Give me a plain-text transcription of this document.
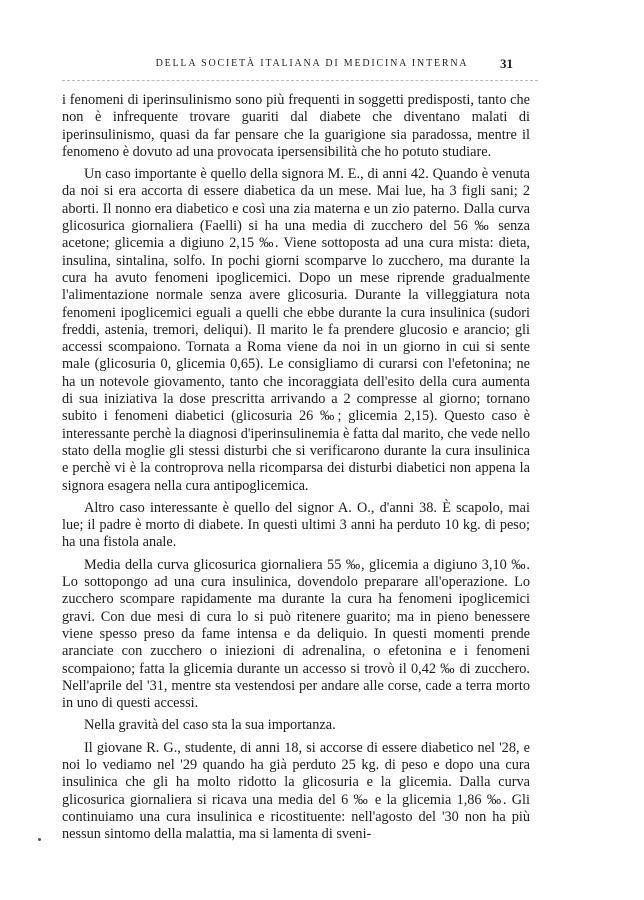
DELLA SOCIETÀ ITALIANA DI MEDICINA INTERNA	31

i fenomeni di iperinsulinismo sono più frequenti in soggetti predisposti, tanto che non è infrequente trovare guariti dal diabete che diventano malati di iperinsulinismo, quasi da far pensare che la guarigione sia paradossa, mentre il fenomeno è dovuto ad una provocata ipersensibilità che ho potuto studiare.

Un caso importante è quello della signora M. E., di anni 42. Quando è venuta da noi si era accorta di essere diabetica da un mese. Mai lue, ha 3 figli sani; 2 aborti. Il nonno era diabetico e così una zia materna e un zio paterno. Dalla curva glicosurica giornaliera (Faelli) si ha una media di zucchero del 56 ‰ senza acetone; glicemia a digiuno 2,15 ‰. Viene sottoposta ad una cura mista: dieta, insulina, sintalina, solfo. In pochi giorni scomparve lo zucchero, ma durante la cura ha avuto fenomeni ipoglicemici. Dopo un mese riprende gradualmente l'alimentazione normale senza avere glicosuria. Durante la villeggiatura nota fenomeni ipoglicemici eguali a quelli che ebbe durante la cura insulinica (sudori freddi, astenia, tremori, deliqui). Il marito le fa prendere glucosio e arancio; gli accessi scompaiono. Tornata a Roma viene da noi in un giorno in cui si sente male (glicosuria 0, glicemia 0,65). Le consigliamo di curarsi con l'efetonina; ne ha un notevole giovamento, tanto che incoraggiata dell'esito della cura aumenta di sua iniziativa la dose prescritta arrivando a 2 compresse al giorno; tornano subito i fenomeni diabetici (glicosuria 26 ‰; glicemia 2,15). Questo caso è interessante perchè la diagnosi d'iperinsulinemia è fatta dal marito, che vede nello stato della moglie gli stessi disturbi che si verificarono durante la cura insulinica e perchè vi è la controprova nella ricomparsa dei disturbi diabetici non appena la signora esagera nella cura antipoglicemica.

Altro caso interessante è quello del signor A. O., d'anni 38. È scapolo, mai lue; il padre è morto di diabete. In questi ultimi 3 anni ha perduto 10 kg. di peso; ha una fistola anale.

Media della curva glicosurica giornaliera 55 ‰, glicemia a digiuno 3,10 ‰. Lo sottopongo ad una cura insulinica, dovendolo preparare all'operazione. Lo zucchero scompare rapidamente ma durante la cura ha fenomeni ipoglicemici gravi. Con due mesi di cura lo si può ritenere guarito; ma in pieno benessere viene spesso preso da fame intensa e da deliquio. In questi momenti prende aranciate con zucchero o iniezioni di adrenalina, o efetonina e i fenomeni scompaiono; fatta la glicemia durante un accesso si trovò il 0,42 ‰ di zucchero. Nell'aprile del '31, mentre sta vestendosi per andare alle corse, cade a terra morto in uno di questi accessi.

Nella gravità del caso sta la sua importanza.

Il giovane R. G., studente, di anni 18, si accorse di essere diabetico nel '28, e noi lo vediamo nel '29 quando ha già perduto 25 kg. di peso e dopo una cura insulinica che gli ha molto ridotto la glicosuria e la glicemia. Dalla curva glicosurica giornaliera si ricava una media del 6 ‰ e la glicemia 1,86 ‰. Gli continuiamo una cura insulinica e ricostituente: nell'agosto del '30 non ha più nessun sintomo della malattia, ma si lamenta di sveni-
